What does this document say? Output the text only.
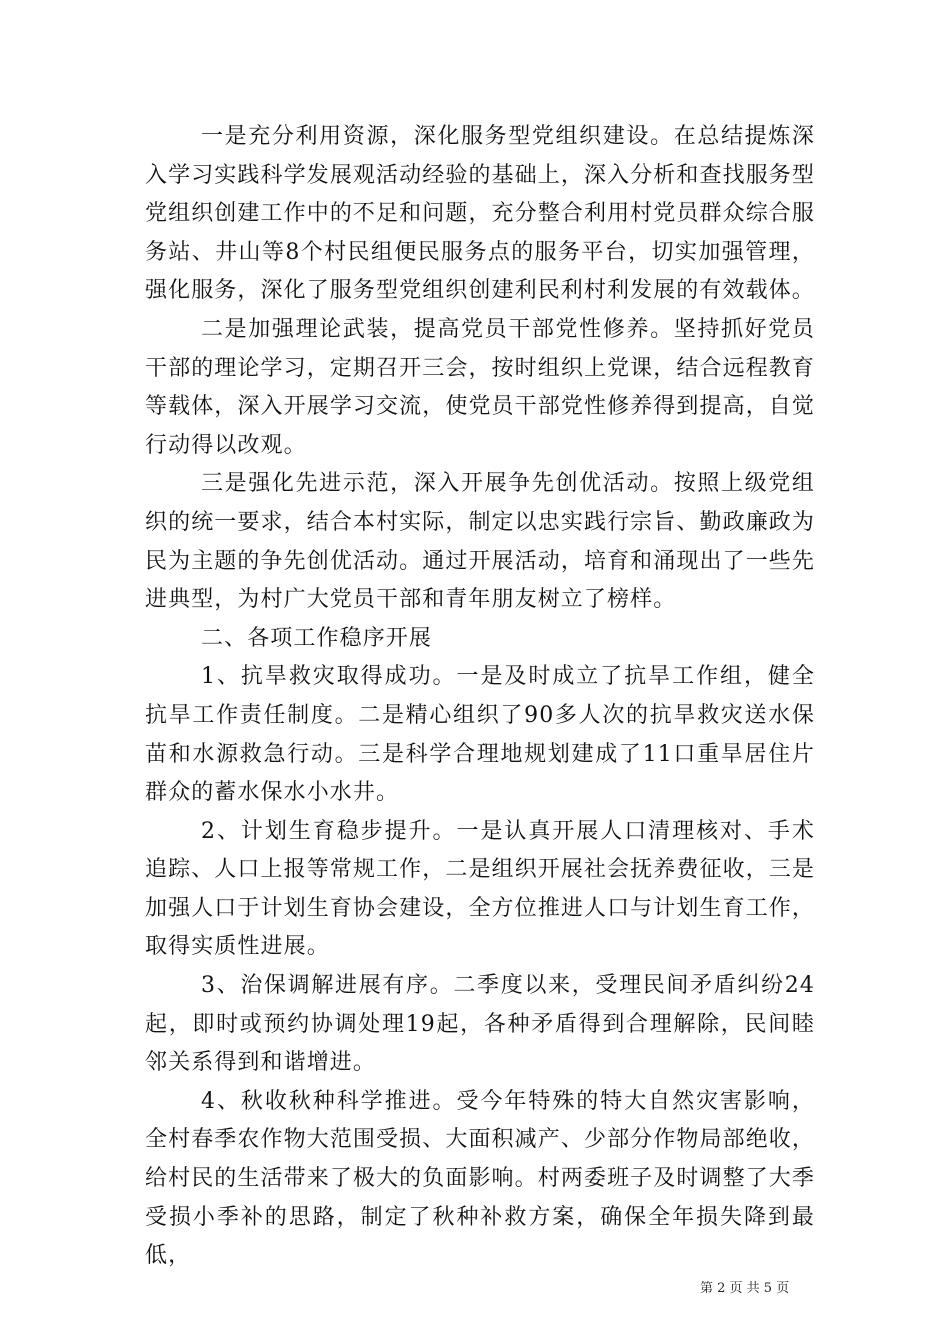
一是充分利用资源，深化服务型党组织建设。在总结提炼深入学习实践科学发展观活动经验的基础上，深入分析和查找服务型党组织创建工作中的不足和问题，充分整合利用村党员群众综合服务站、井山等8个村民组便民服务点的服务平台，切实加强管理，强化服务，深化了服务型党组织创建利民利村利发展的有效载体。

二是加强理论武装，提高党员干部党性修养。坚持抓好党员干部的理论学习，定期召开三会，按时组织上党课，结合远程教育等载体，深入开展学习交流，使党员干部党性修养得到提高，自觉行动得以改观。

三是强化先进示范，深入开展争先创优活动。按照上级党组织的统一要求，结合本村实际，制定以忠实践行宗旨、勤政廉政为民为主题的争先创优活动。通过开展活动，培育和涌现出了一些先进典型，为村广大党员干部和青年朋友树立了榜样。

二、各项工作稳序开展

1、抗旱救灾取得成功。一是及时成立了抗旱工作组，健全抗旱工作责任制度。二是精心组织了90多人次的抗旱救灾送水保苗和水源救急行动。三是科学合理地规划建成了11口重旱居住片群众的蓄水保水小水井。

2、计划生育稳步提升。一是认真开展人口清理核对、手术追踪、人口上报等常规工作，二是组织开展社会抚养费征收，三是加强人口于计划生育协会建设，全方位推进人口与计划生育工作，取得实质性进展。

3、治保调解进展有序。二季度以来，受理民间矛盾纠纷24起，即时或预约协调处理19起，各种矛盾得到合理解除，民间睦邻关系得到和谐增进。

4、秋收秋种科学推进。受今年特殊的特大自然灾害影响，全村春季农作物大范围受损、大面积减产、少部分作物局部绝收，给村民的生活带来了极大的负面影响。村两委班子及时调整了大季受损小季补的思路，制定了秋种补救方案，确保全年损失降到最低，

第 2 页 共 5 页
